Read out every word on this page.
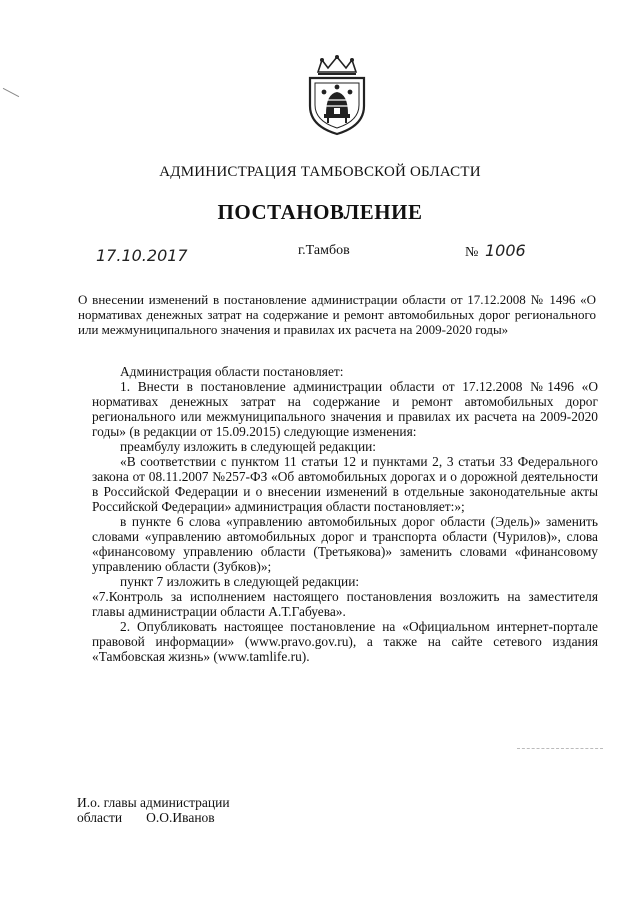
АДМИНИСТРАЦИЯ ТАМБОВСКОЙ ОБЛАСТИ
ПОСТАНОВЛЕНИЕ
17.10.2017	г.Тамбов	№ 1006
О внесении изменений в постановление администрации области от 17.12.2008 № 1496 «О нормативах денежных затрат на содержание и ремонт автомобильных дорог регионального или межмуниципального значения и правилах их расчета на 2009-2020 годы»

Администрация области постановляет:

1. Внести в постановление администрации области от 17.12.2008 №1496 «О нормативах денежных затрат на содержание и ремонт автомобильных дорог регионального или межмуниципального значения и правилах их расчета на 2009-2020 годы» (в редакции от 15.09.2015) следующие изменения:

преамбулу изложить в следующей редакции:

«В соответствии с пунктом 11 статьи 12 и пунктами 2, 3 статьи 33 Федерального закона от 08.11.2007 №257-ФЗ «Об автомобильных дорогах и о дорожной деятельности в Российской Федерации и о внесении изменений в отдельные законодательные акты Российской Федерации» администрация области постановляет:»;

в пункте 6 слова «управлению автомобильных дорог области (Эдель)» заменить словами «управлению автомобильных дорог и транспорта области (Чурилов)», слова «финансовому управлению области (Третьякова)» заменить словами «финансовому управлению области (Зубков)»;

пункт 7 изложить в следующей редакции:

«7.Контроль за исполнением настоящего постановления возложить на заместителя главы администрации области А.Т.Габуева».

2. Опубликовать настоящее постановление на «Официальном интернет-портале правовой информации» (www.pravo.gov.ru), а также на сайте сетевого издания «Тамбовская жизнь» (www.tamlife.ru).

И.о. главы администрации
области О.О.Иванов
